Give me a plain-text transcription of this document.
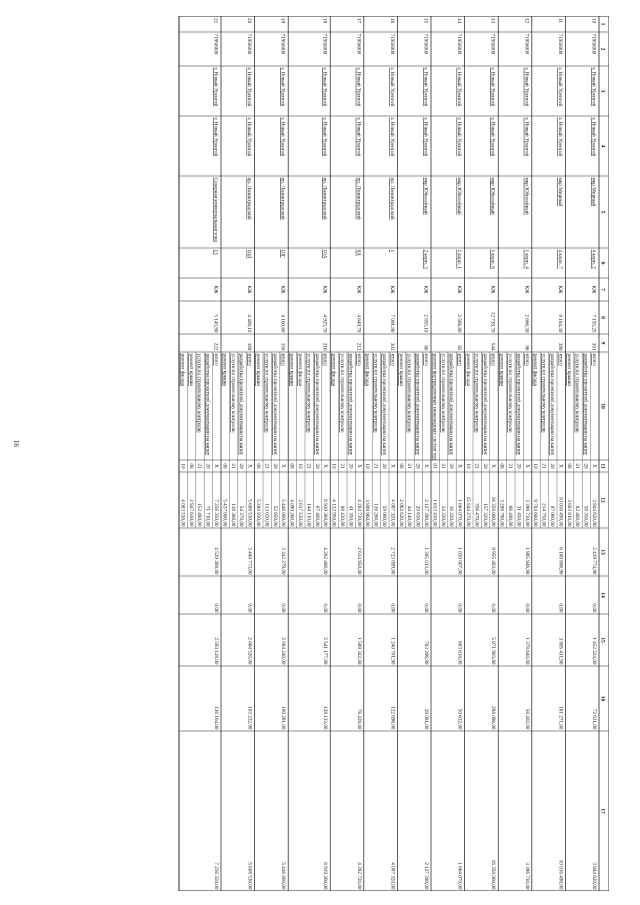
16
1
2
3
4
5
6
7
8
9
10
11
12
13
14
15
16
17
10
71956000
г. Новый Уренгой
г. Новый Уренгой
мкр Мирный
4 корп. 2
КЖ
7 155,25
301
итого
Х
3 944 620,00
2 419 774,90
0,00
1 452 224,00
72 621,00
3 944 620,00
разработка проектной документации на капит
20
58 350,00
услуги по строительному контролю
21
82 460,00
ремонт крыши
08
3 803 810,00
11
71956000
г. Новый Уренгой
г. Новый Уренгой
мкр Мирный
4 корп. 7
КЖ
9 164,30
399
итого
Х
10 016 490,00
6 100 806,90
0,00
3 885 411,90
181 271,00
10 016 490,00
разработка проектной документации на капит
20
97 060,00
услуги по строительному контролю
21
214 750,00
ремонт фасада
10
9 704 680,00
12
71956000
г. Новый Уренгой
г. Новый Уренгой
мкр Юбилейный
1 корп. 4
КЖ
2 666,30
96
итого
Х
3 396 730,00
1 965 946,90
0,00
1 378 640,00
58 402,00
3 396 730,00
разработка проектной документации на капит
20
31 450,00
услуги по строительному контролю
21
66 490,00
ремонт крыши
08
3 298 790,00
13
71956000
г. Новый Уренгой
г. Новый Уренгой
мкр Юбилейный
1 корп. 6
КЖ
12 738,70
544
итого
Х
16 358 060,00
9 955 463,00
0,00
5 971 903,90
288 086,00
16 358 060,00
разработка проектной документации на капит
20
157 320,00
услуги по строительному контролю
21
356 470,00
ремонт фасада
10
15 844 270,00
14
71956000
г. Новый Уренгой
г. Новый Уренгой
мкр Юбилейный
1 корп. 1
КЖ
2 566,80
82
итого
Х
1 664 070,00
1 030 007,00
0,00
603 634,00
30 632,00
1 664 070,00
разработка проектной документации на капит
20
16 320,00
услуги по строительному контролю
21
34 320,00
ремонт внутридомовых инженерных систем теп
01
1 613 430,00
15
71956000
г. Новый Уренгой
г. Новый Уренгой
мкр Юбилейный
2 корп. 3
КЖ
2 855,10
80
итого
Х
2 127 390,00
1 305 013,00
0,00
783 296,90
39 081,00
2 127 390,00
разработка проектной документации на капит
20
20 630,00
услуги по строительному контролю
21
44 140,00
ремонт крыши
08
2 062 620,00
16
71956000
г. Новый Уренгой
г. Новый Уренгой
пр. Ленинградский
1
КЖ
7 091,90
303
итого
Х
4 087 320,00
2 723 899,00
0,00
1 240 701,90
122 696,00
4 087 320,00
разработка проектной документации на капит
20
59 060,00
услуги по строительному контролю
21
126 260,00
ремонт фасада
10
3 899 960,00
17
71956000
г. Новый Уренгой
г. Новый Уренгой
пр. Ленинградский
8А
КЖ
4 649,70
212
итого
Х
4 262 720,00
2 614 950,00
0,00
1 569 342,00
78 428,00
4 262 720,00
разработка проектной документации на капит
20
41 350,00
услуги по строительному контролю
21
88 420,00
ремонт фасада
10
4 132 950,00
18
71956000
г. Новый Уренгой
г. Новый Уренгой
пр. Ленинградский
10А
КЖ
4 925,70
216
итого
Х
6 919 360,00
4 262 486,00
0,00
2 541 177,90
128 133,00
6 919 360,00
разработка проектной документации на капит
20
67 460,00
услуги по строительному контролю
21
144 110,00
ремонт фасада
10
2 617 530,00
ремонт крыши
08
4 090 260,00
19
71956000
г. Новый Уренгой
г. Новый Уренгой
пр. Ленинградский
10Г
КЖ
4 160,60
158
итого
Х
5 446 800,00
3 342 279,00
0,00
2 004 240,00
100 281,00
5 446 800,00
разработка проектной документации на капит
20
52 850,00
услуги по строительному контролю
21
113 020,00
ремонт крыши
08
5 280 930,00
20
71956000
г. Новый Уренгой
г. Новый Уренгой
пр. Ленинградский
10Д
КЖ
4 408,10
169
итого
Х
5 608 530,00
3 440 773,00
0,00
2 064 520,00
103 232,00
5 608 530,00
разработка проектной документации на капит
20
54 370,00
услуги по строительному контролю
21
116 360,00
ремонт крыши
08
5 437 800,00
21
71956000
г. Новый Уренгой
г. Новый Уренгой
Северная коммунальная зона
13
КЖ
5 145,90
222
итого
Х
7 256 350,00
4 529 368,00
0,00
2 593 128,00
136 164,00
7 256 350,00
разработка проектной документации на капит
20
71 710,00
услуги по строительному контролю
21
153 480,00
ремонт крыши
08
2 947 630,00
ремонт фасада
10
4 083 530,00
